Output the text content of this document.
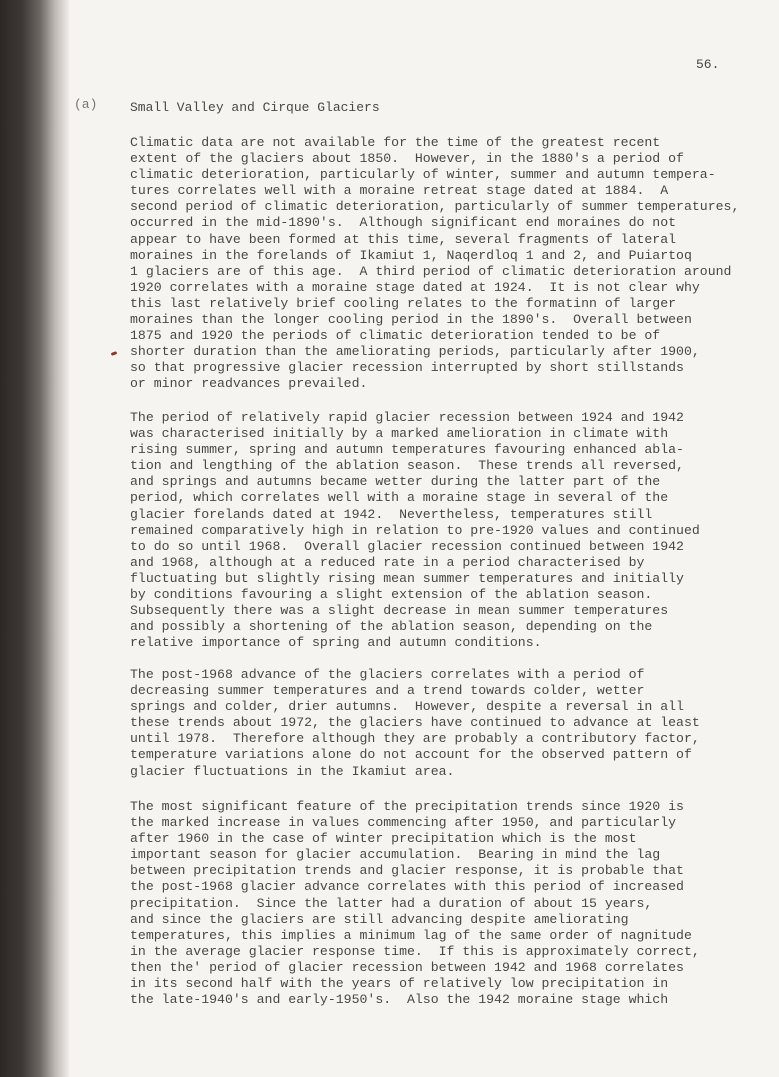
56.
(a)	Small Valley and Cirque Glaciers
Climatic data are not available for the time of the greatest recent
extent of the glaciers about 1850.  However, in the 1880's a period of
climatic deterioration, particularly of winter, summer and autumn tempera-
tures correlates well with a moraine retreat stage dated at 1884.  A
second period of climatic deterioration, particularly of summer temperatures,
occurred in the mid-1890's.  Although significant end moraines do not
appear to have been formed at this time, several fragments of lateral
moraines in the forelands of Ikamiut 1, Naqerdloq 1 and 2, and Puiartoq
1 glaciers are of this age.  A third period of climatic deterioration around
1920 correlates with a moraine stage dated at 1924.  It is not clear why
this last relatively brief cooling relates to the formatinn of larger
moraines than the longer cooling period in the 1890's.  Overall between
1875 and 1920 the periods of climatic deterioration tended to be of
shorter duration than the ameliorating periods, particularly after 1900,
so that progressive glacier recession interrupted by short stillstands
or minor readvances prevailed.
The period of relatively rapid glacier recession between 1924 and 1942
was characterised initially by a marked amelioration in climate with
rising summer, spring and autumn temperatures favouring enhanced abla-
tion and lengthing of the ablation season.  These trends all reversed,
and springs and autumns became wetter during the latter part of the
period, which correlates well with a moraine stage in several of the
glacier forelands dated at 1942.  Nevertheless, temperatures still
remained comparatively high in relation to pre-1920 values and continued
to do so until 1968.  Overall glacier recession continued between 1942
and 1968, although at a reduced rate in a period characterised by
fluctuating but slightly rising mean summer temperatures and initially
by conditions favouring a slight extension of the ablation season.
Subsequently there was a slight decrease in mean summer temperatures
and possibly a shortening of the ablation season, depending on the
relative importance of spring and autumn conditions.
The post-1968 advance of the glaciers correlates with a period of
decreasing summer temperatures and a trend towards colder, wetter
springs and colder, drier autumns.  However, despite a reversal in all
these trends about 1972, the glaciers have continued to advance at least
until 1978.  Therefore although they are probably a contributory factor,
temperature variations alone do not account for the observed pattern of
glacier fluctuations in the Ikamiut area.
The most significant feature of the precipitation trends since 1920 is
the marked increase in values commencing after 1950, and particularly
after 1960 in the case of winter precipitation which is the most
important season for glacier accumulation.  Bearing in mind the lag
between precipitation trends and glacier response, it is probable that
the post-1968 glacier advance correlates with this period of increased
precipitation.  Since the latter had a duration of about 15 years,
and since the glaciers are still advancing despite ameliorating
temperatures, this implies a minimum lag of the same order of nagnitude
in the average glacier response time.  If this is approximately correct,
then the' period of glacier recession between 1942 and 1968 correlates
in its second half with the years of relatively low precipitation in
the late-1940's and early-1950's.  Also the 1942 moraine stage which
